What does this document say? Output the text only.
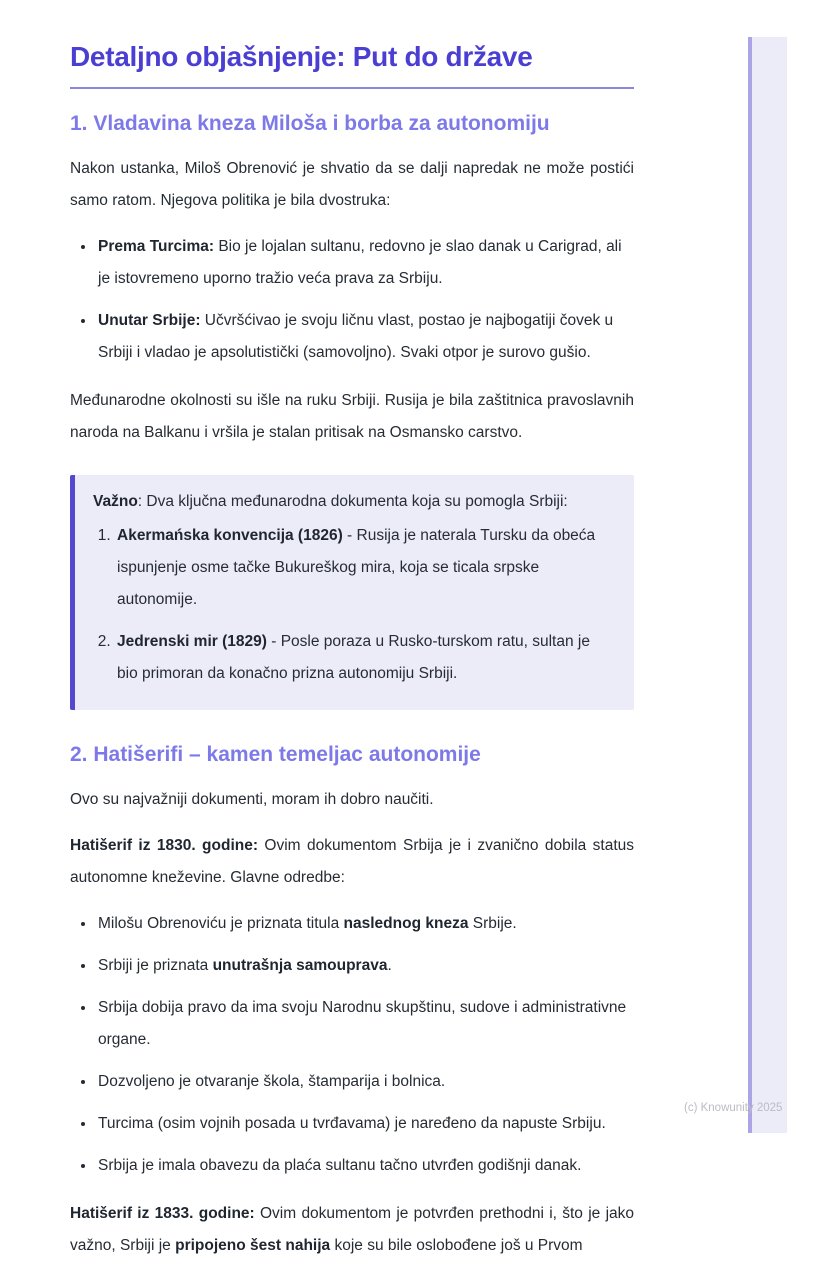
Detaljno objašnjenje: Put do države
1. Vladavina kneza Miloša i borba za autonomiju

Nakon ustanka, Miloš Obrenović je shvatio da se dalji napredak ne može postići samo ratom. Njegova politika je bila dvostruka:

• Prema Turcima: Bio je lojalan sultanu, redovno je slao danak u Carigrad, ali je istovremeno uporno tražio veća prava za Srbiju.
• Unutar Srbije: Učvršćivao je svoju ličnu vlast, postao je najbogatiji čovek u Srbiji i vladao je apsolutistički (samovoljno). Svaki otpor je surovo gušio.

Međunarodne okolnosti su išle na ruku Srbiji. Rusija je bila zaštitnica pravoslavnih naroda na Balkanu i vršila je stalan pritisak na Osmansko carstvo.

Važno: Dva ključna međunarodna dokumenta koja su pomogla Srbiji:

1. Akermańska konvencija (1826) - Rusija je naterala Tursku da obeća ispunjenje osme tačke Bukureškog mira, koja se ticala srpske autonomije.
2. Jedrenski mir (1829) - Posle poraza u Rusko-turskom ratu, sultan je bio primoran da konačno prizna autonomiju Srbiji.
2. Hatišerifi – kamen temeljac autonomije

Ovo su najvažniji dokumenti, moram ih dobro naučiti.

Hatišerif iz 1830. godine: Ovim dokumentom Srbija je i zvanično dobila status autonomne kneževine. Glavne odredbe:

• Milošu Obrenoviću je priznata titula naslednog kneza Srbije.
• Srbiji je priznata unutrašnja samouprava.
• Srbija dobija pravo da ima svoju Narodnu skupštinu, sudove i administrativne organe.
• Dozvoljeno je otvaranje škola, štamparija i bolnica.
• Turcima (osim vojnih posada u tvrđavama) je naređeno da napuste Srbiju.
• Srbija je imala obavezu da plaća sultanu tačno utvrđen godišnji danak.

Hatišerif iz 1833. godine: Ovim dokumentom je potvrđen prethodni i, što je jako važno, Srbiji je pripojeno šest nahija koje su bile oslobođene još u Prvom

(c) Knowunity 2025
